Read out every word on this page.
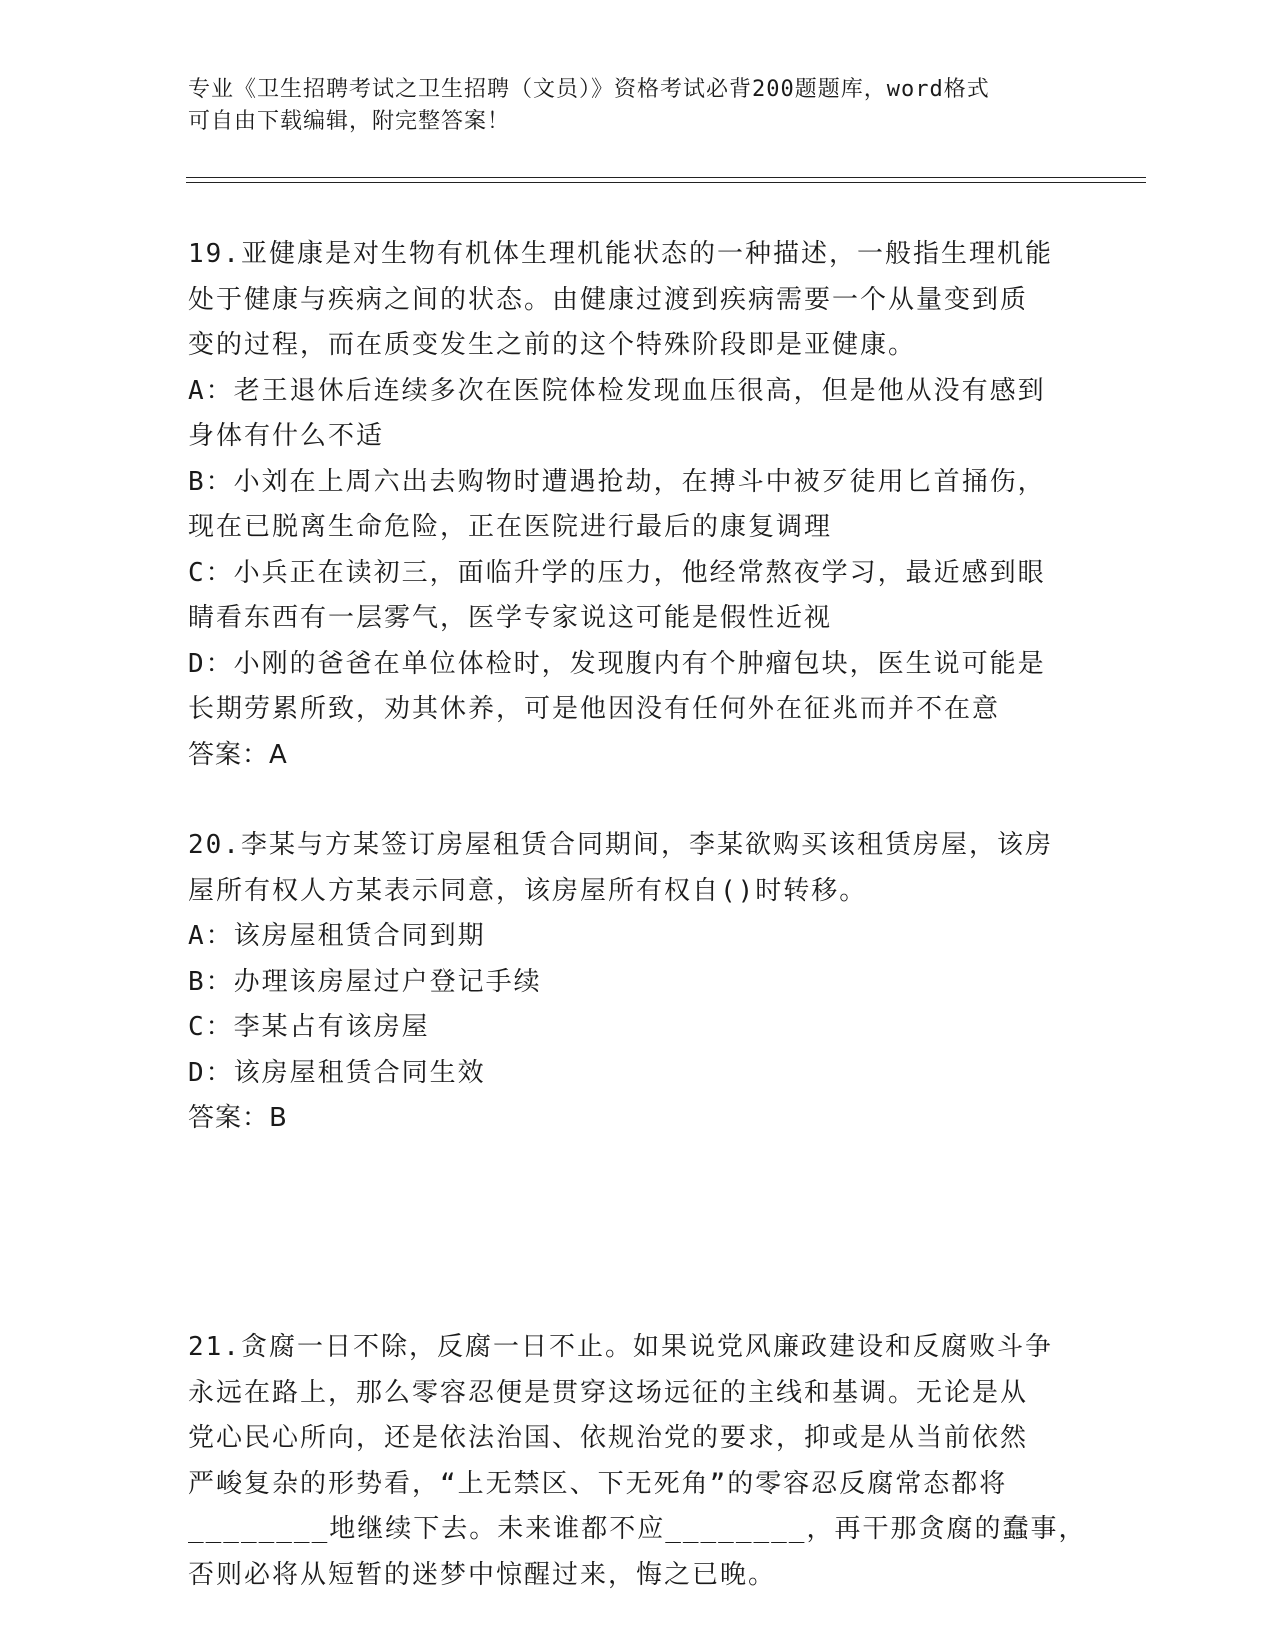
专业《卫生招聘考试之卫生招聘（文员）》资格考试必背200题题库，word格式
可自由下载编辑，附完整答案！
19.亚健康是对生物有机体生理机能状态的一种描述，一般指生理机能
处于健康与疾病之间的状态。由健康过渡到疾病需要一个从量变到质
变的过程，而在质变发生之前的这个特殊阶段即是亚健康。
A：老王退休后连续多次在医院体检发现血压很高，但是他从没有感到
身体有什么不适
B：小刘在上周六出去购物时遭遇抢劫，在搏斗中被歹徒用匕首捅伤，
现在已脱离生命危险，正在医院进行最后的康复调理
C：小兵正在读初三，面临升学的压力，他经常熬夜学习，最近感到眼
睛看东西有一层雾气，医学专家说这可能是假性近视
D：小刚的爸爸在单位体检时，发现腹内有个肿瘤包块，医生说可能是
长期劳累所致，劝其休养，可是他因没有任何外在征兆而并不在意
答案：A
20.李某与方某签订房屋租赁合同期间，李某欲购买该租赁房屋，该房
屋所有权人方某表示同意，该房屋所有权自()时转移。
A：该房屋租赁合同到期
B：办理该房屋过户登记手续
C：李某占有该房屋
D：该房屋租赁合同生效
答案：B
21.贪腐一日不除，反腐一日不止。如果说党风廉政建设和反腐败斗争
永远在路上，那么零容忍便是贯穿这场远征的主线和基调。无论是从
党心民心所向，还是依法治国、依规治党的要求，抑或是从当前依然
严峻复杂的形势看，“上无禁区、下无死角”的零容忍反腐常态都将
________地继续下去。未来谁都不应________，再干那贪腐的蠢事，
否则必将从短暂的迷梦中惊醒过来，悔之已晚。
